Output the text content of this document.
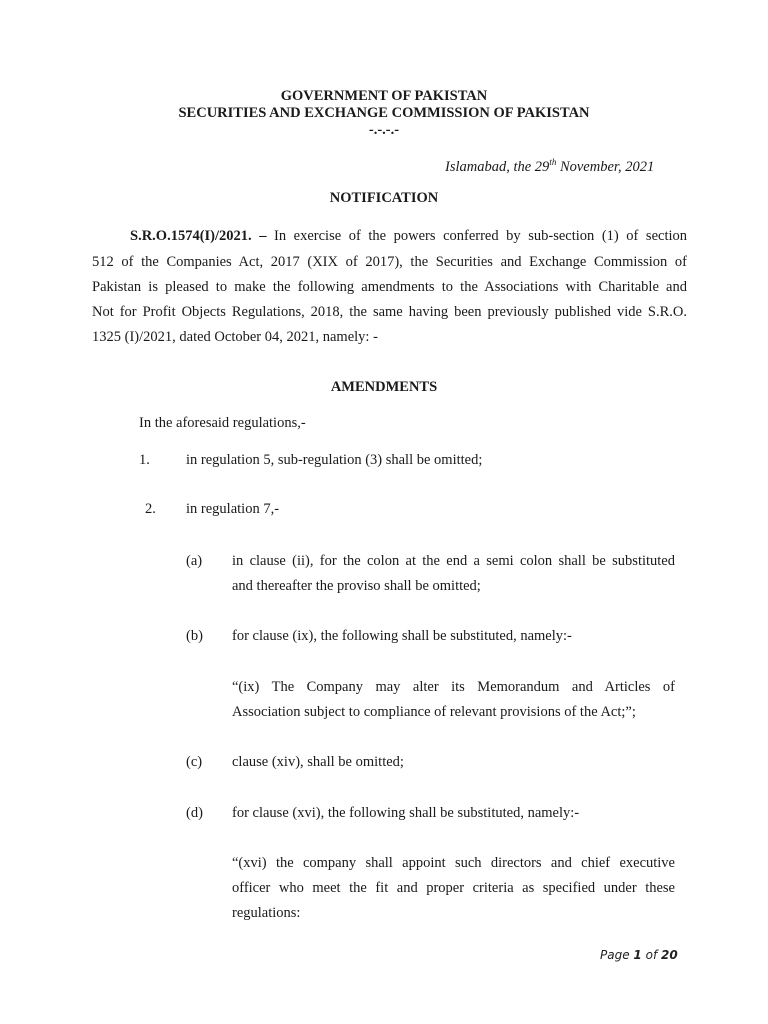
GOVERNMENT OF PAKISTAN
SECURITIES AND EXCHANGE COMMISSION OF PAKISTAN
-.-.-.-
Islamabad, the 29th November, 2021
NOTIFICATION
S.R.O.1574(I)/2021. – In exercise of the powers conferred by sub-section (1) of section
512 of the Companies Act, 2017 (XIX of 2017), the Securities and Exchange Commission of
Pakistan is pleased to make the following amendments to the Associations with Charitable and
Not for Profit Objects Regulations, 2018, the same having been previously published vide S.R.O.
1325 (I)/2021, dated October 04, 2021, namely: -
AMENDMENTS
In the aforesaid regulations,-
1. in regulation 5, sub-regulation (3) shall be omitted;
2. in regulation 7,-
(a) in clause (ii), for the colon at the end a semi colon shall be substituted
and thereafter the proviso shall be omitted;
(b) for clause (ix), the following shall be substituted, namely:-
“(ix) The Company may alter its Memorandum and Articles of
Association subject to compliance of relevant provisions of the Act;”;
(c) clause (xiv), shall be omitted;
(d) for clause (xvi), the following shall be substituted, namely:-
“(xvi) the company shall appoint such directors and chief executive
officer who meet the fit and proper criteria as specified under these
regulations:
Page 1 of 20
